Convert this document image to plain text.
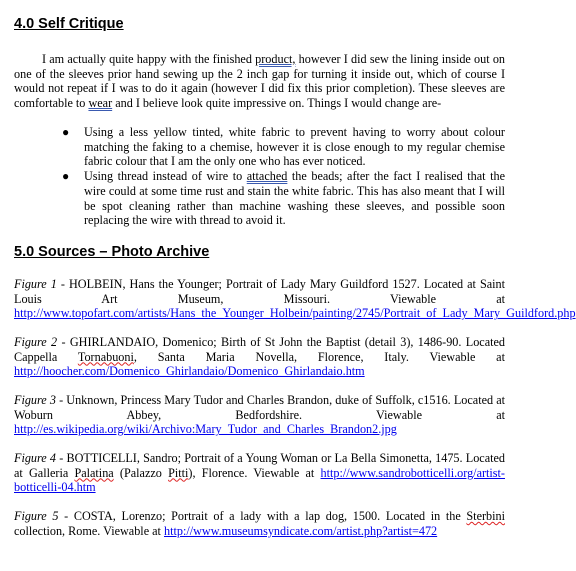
4.0 Self Critique

I am actually quite happy with the finished product, however I did sew the lining inside out on one of the sleeves prior hand sewing up the 2 inch gap for turning it inside out, which of course I would not repeat if I was to do it again (however I did fix this prior completion). These sleeves are comfortable to wear and I believe look quite impressive on. Things I would change are-

● Using a less yellow tinted, white fabric to prevent having to worry about colour matching the faking to a chemise, however it is close enough to my regular chemise fabric colour that I am the only one who has ever noticed.
● Using thread instead of wire to attached the beads; after the fact I realised that the wire could at some time rust and stain the white fabric. This has also meant that I will be spot cleaning rather than machine washing these sleeves, and possible soon replacing the wire with thread to avoid it.
5.0 Sources – Photo Archive

Figure 1 - HOLBEIN, Hans the Younger; Portrait of Lady Mary Guildford 1527. Located at Saint Louis Art Museum, Missouri. Viewable at http://www.topofart.com/artists/Hans_the_Younger_Holbein/painting/2745/Portrait_of_Lady_Mary_Guildford.php

Figure 2 - GHIRLANDAIO, Domenico; Birth of St John the Baptist (detail 3), 1486-90. Located Cappella Tornabuoni, Santa Maria Novella, Florence, Italy. Viewable at http://hoocher.com/Domenico_Ghirlandaio/Domenico_Ghirlandaio.htm

Figure 3 - Unknown, Princess Mary Tudor and Charles Brandon, duke of Suffolk, c1516. Located at Woburn Abbey, Bedfordshire. Viewable at http://es.wikipedia.org/wiki/Archivo:Mary_Tudor_and_Charles_Brandon2.jpg

Figure 4 - BOTTICELLI, Sandro; Portrait of a Young Woman or La Bella Simonetta, 1475. Located at Galleria Palatina (Palazzo Pitti), Florence. Viewable at http://www.sandrobotticelli.org/artist-botticelli-04.htm

Figure 5 - COSTA, Lorenzo; Portrait of a lady with a lap dog, 1500. Located in the Sterbini collection, Rome. Viewable at http://www.museumsyndicate.com/artist.php?artist=472
